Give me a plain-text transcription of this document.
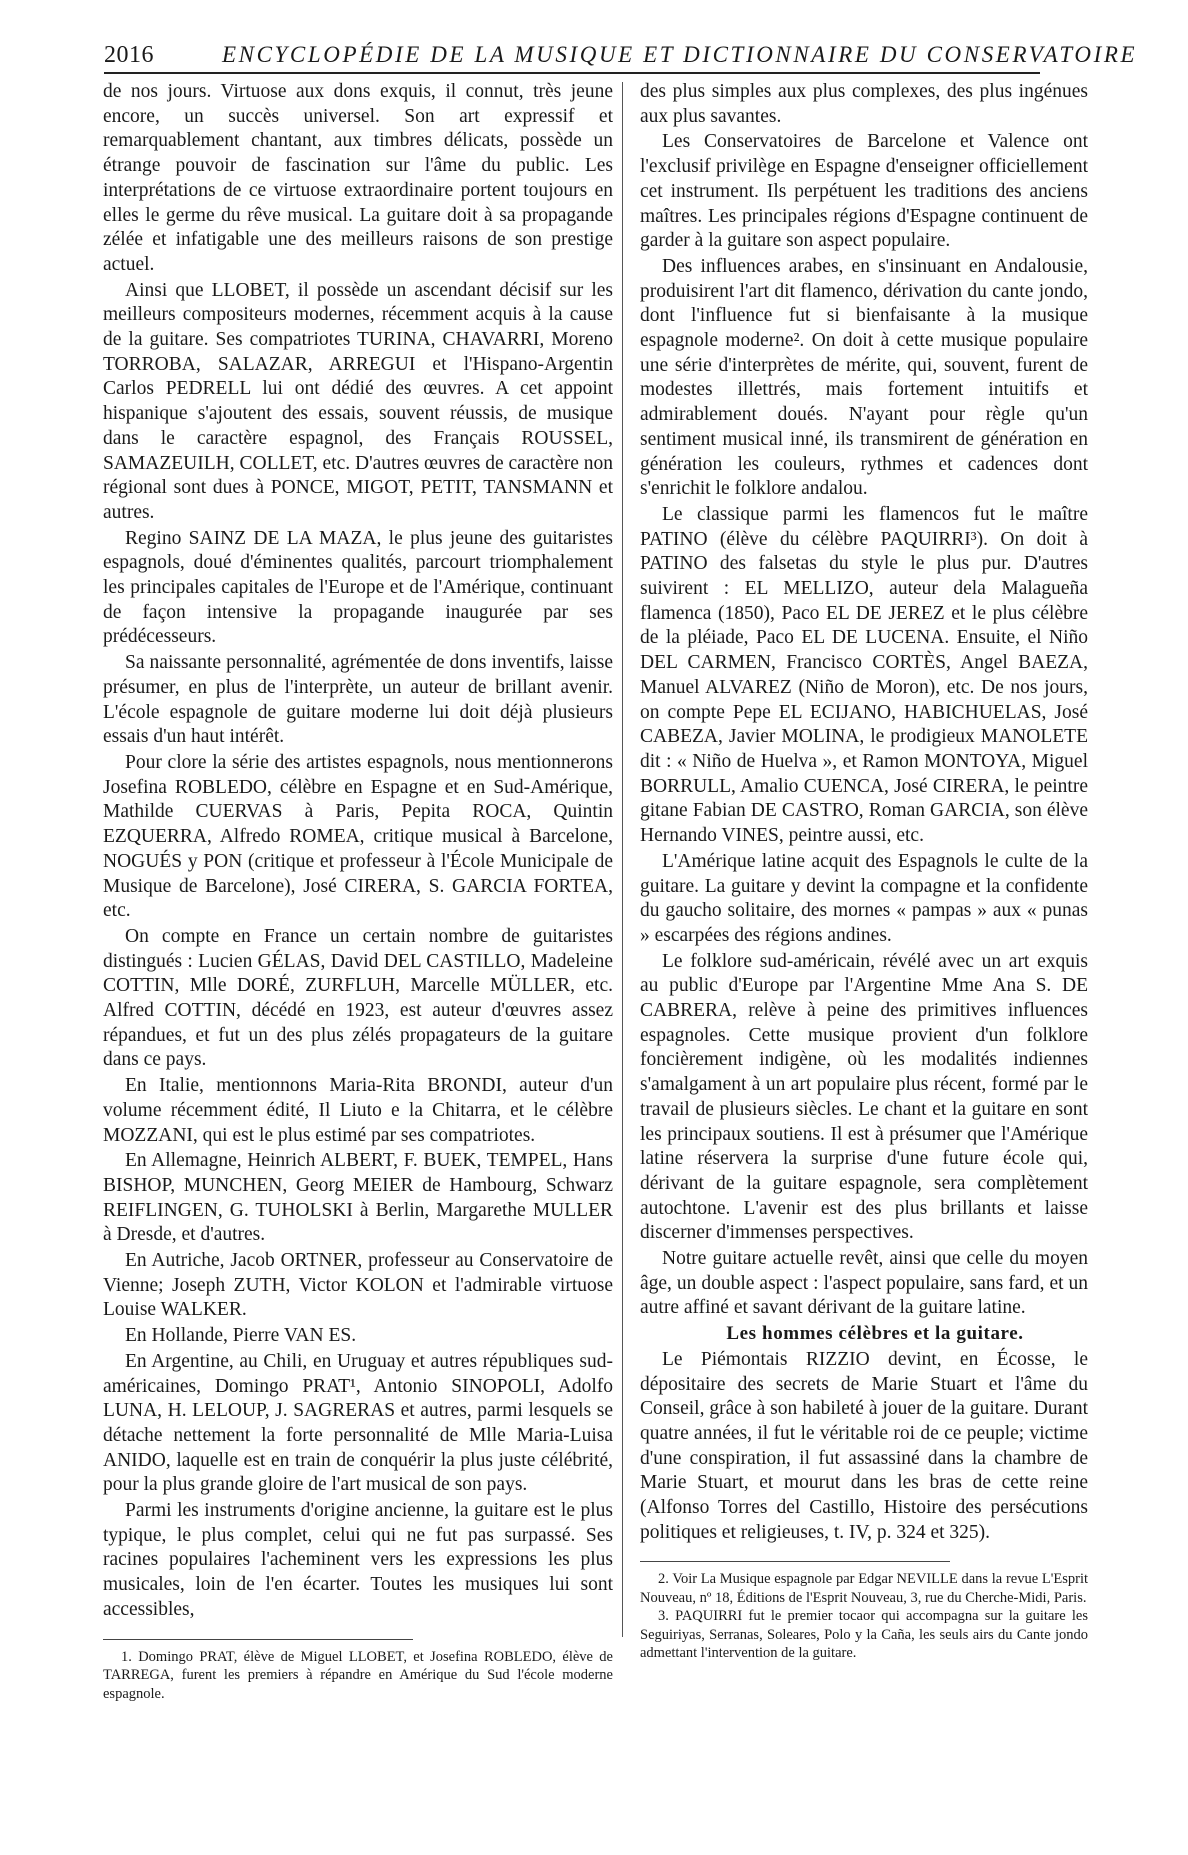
2016	ENCYCLOPÉDIE DE LA MUSIQUE ET DICTIONNAIRE DU CONSERVATOIRE

de nos jours. Virtuose aux dons exquis, il connut, très jeune encore, un succès universel. Son art expressif et remarquablement chantant, aux timbres délicats, possède un étrange pouvoir de fascination sur l'âme du public. Les interprétations de ce virtuose extraordinaire portent toujours en elles le germe du rêve musical. La guitare doit à sa propagande zélée et infatigable une des meilleurs raisons de son prestige actuel.

Ainsi que LLOBET, il possède un ascendant décisif sur les meilleurs compositeurs modernes, récemment acquis à la cause de la guitare. Ses compatriotes TURINA, CHAVARRI, Moreno TORROBA, SALAZAR, ARREGUI et l'Hispano-Argentin Carlos PEDRELL lui ont dédié des œuvres. A cet appoint hispanique s'ajoutent des essais, souvent réussis, de musique dans le caractère espagnol, des Français ROUSSEL, SAMAZEUILH, COLLET, etc. D'autres œuvres de caractère non régional sont dues à PONCE, MIGOT, PETIT, TANSMANN et autres.

Regino SAINZ DE LA MAZA, le plus jeune des guitaristes espagnols, doué d'éminentes qualités, parcourt triomphalement les principales capitales de l'Europe et de l'Amérique, continuant de façon intensive la propagande inaugurée par ses prédécesseurs.

Sa naissante personnalité, agrémentée de dons inventifs, laisse présumer, en plus de l'interprète, un auteur de brillant avenir. L'école espagnole de guitare moderne lui doit déjà plusieurs essais d'un haut intérêt.

Pour clore la série des artistes espagnols, nous mentionnerons Josefina ROBLEDO, célèbre en Espagne et en Sud-Amérique, Mathilde CUERVAS à Paris, Pepita ROCA, Quintin EZQUERRA, Alfredo ROMEA, critique musical à Barcelone, NOGUÉS y PON (critique et professeur à l'École Municipale de Musique de Barcelone), José CIRERA, S. GARCIA FORTEA, etc.

On compte en France un certain nombre de guitaristes distingués : Lucien GÉLAS, David DEL CASTILLO, Madeleine COTTIN, Mlle DORÉ, ZURFLUH, Marcelle MÜLLER, etc. Alfred COTTIN, décédé en 1923, est auteur d'œuvres assez répandues, et fut un des plus zélés propagateurs de la guitare dans ce pays.

En Italie, mentionnons Maria-Rita BRONDI, auteur d'un volume récemment édité, Il Liuto e la Chitarra, et le célèbre MOZZANI, qui est le plus estimé par ses compatriotes.

En Allemagne, Heinrich ALBERT, F. BUEK, TEMPEL, Hans BISHOP, MUNCHEN, Georg MEIER de Hambourg, Schwarz REIFLINGEN, G. TUHOLSKI à Berlin, Margarethe MULLER à Dresde, et d'autres.

En Autriche, Jacob ORTNER, professeur au Conservatoire de Vienne; Joseph ZUTH, Victor KOLON et l'admirable virtuose Louise WALKER.

En Hollande, Pierre VAN ES.

En Argentine, au Chili, en Uruguay et autres républiques sud-américaines, Domingo PRAT¹, Antonio SINOPOLI, Adolfo LUNA, H. LELOUP, J. SAGRERAS et autres, parmi lesquels se détache nettement la forte personnalité de Mlle Maria-Luisa ANIDO, laquelle est en train de conquérir la plus juste célébrité, pour la plus grande gloire de l'art musical de son pays.

Parmi les instruments d'origine ancienne, la guitare est le plus typique, le plus complet, celui qui ne fut pas surpassé. Ses racines populaires l'acheminent vers les expressions les plus musicales, loin de l'en écarter. Toutes les musiques lui sont accessibles,

1. Domingo PRAT, élève de Miguel LLOBET, et Josefina ROBLEDO, élève de TARREGA, furent les premiers à répandre en Amérique du Sud l'école moderne espagnole.

des plus simples aux plus complexes, des plus ingénues aux plus savantes.

Les Conservatoires de Barcelone et Valence ont l'exclusif privilège en Espagne d'enseigner officiellement cet instrument. Ils perpétuent les traditions des anciens maîtres. Les principales régions d'Espagne continuent de garder à la guitare son aspect populaire.

Des influences arabes, en s'insinuant en Andalousie, produisirent l'art dit flamenco, dérivation du cante jondo, dont l'influence fut si bienfaisante à la musique espagnole moderne². On doit à cette musique populaire une série d'interprètes de mérite, qui, souvent, furent de modestes illettrés, mais fortement intuitifs et admirablement doués. N'ayant pour règle qu'un sentiment musical inné, ils transmirent de génération en génération les couleurs, rythmes et cadences dont s'enrichit le folklore andalou.

Le classique parmi les flamencos fut le maître PATINO (élève du célèbre PAQUIRRI³). On doit à PATINO des falsetas du style le plus pur. D'autres suivirent : EL MELLIZO, auteur dela Malagueña flamenca (1850), Paco EL DE JEREZ et le plus célèbre de la pléiade, Paco EL DE LUCENA. Ensuite, el Niño DEL CARMEN, Francisco CORTÈS, Angel BAEZA, Manuel ALVAREZ (Niño de Moron), etc. De nos jours, on compte Pepe EL ECIJANO, HABICHUELAS, José CABEZA, Javier MOLINA, le prodigieux MANOLETE dit : « Niño de Huelva », et Ramon MONTOYA, Miguel BORRULL, Amalio CUENCA, José CIRERA, le peintre gitane Fabian DE CASTRO, Roman GARCIA, son élève Hernando VINES, peintre aussi, etc.

L'Amérique latine acquit des Espagnols le culte de la guitare. La guitare y devint la compagne et la confidente du gaucho solitaire, des mornes « pampas » aux « punas » escarpées des régions andines.

Le folklore sud-américain, révélé avec un art exquis au public d'Europe par l'Argentine Mme Ana S. DE CABRERA, relève à peine des primitives influences espagnoles. Cette musique provient d'un folklore foncièrement indigène, où les modalités indiennes s'amalgament à un art populaire plus récent, formé par le travail de plusieurs siècles. Le chant et la guitare en sont les principaux soutiens. Il est à présumer que l'Amérique latine réservera la surprise d'une future école qui, dérivant de la guitare espagnole, sera complètement autochtone. L'avenir est des plus brillants et laisse discerner d'immenses perspectives.

Notre guitare actuelle revêt, ainsi que celle du moyen âge, un double aspect : l'aspect populaire, sans fard, et un autre affiné et savant dérivant de la guitare latine.

Les hommes célèbres et la guitare.

Le Piémontais RIZZIO devint, en Écosse, le dépositaire des secrets de Marie Stuart et l'âme du Conseil, grâce à son habileté à jouer de la guitare. Durant quatre années, il fut le véritable roi de ce peuple; victime d'une conspiration, il fut assassiné dans la chambre de Marie Stuart, et mourut dans les bras de cette reine (Alfonso Torres del Castillo, Histoire des persécutions politiques et religieuses, t. IV, p. 324 et 325).

2. Voir La Musique espagnole par Edgar NEVILLE dans la revue L'Esprit Nouveau, nº 18, Éditions de l'Esprit Nouveau, 3, rue du Cherche-Midi, Paris.

3. PAQUIRRI fut le premier tocaor qui accompagna sur la guitare les Seguiriyas, Serranas, Soleares, Polo y la Caña, les seuls airs du Cante jondo admettant l'intervention de la guitare.
